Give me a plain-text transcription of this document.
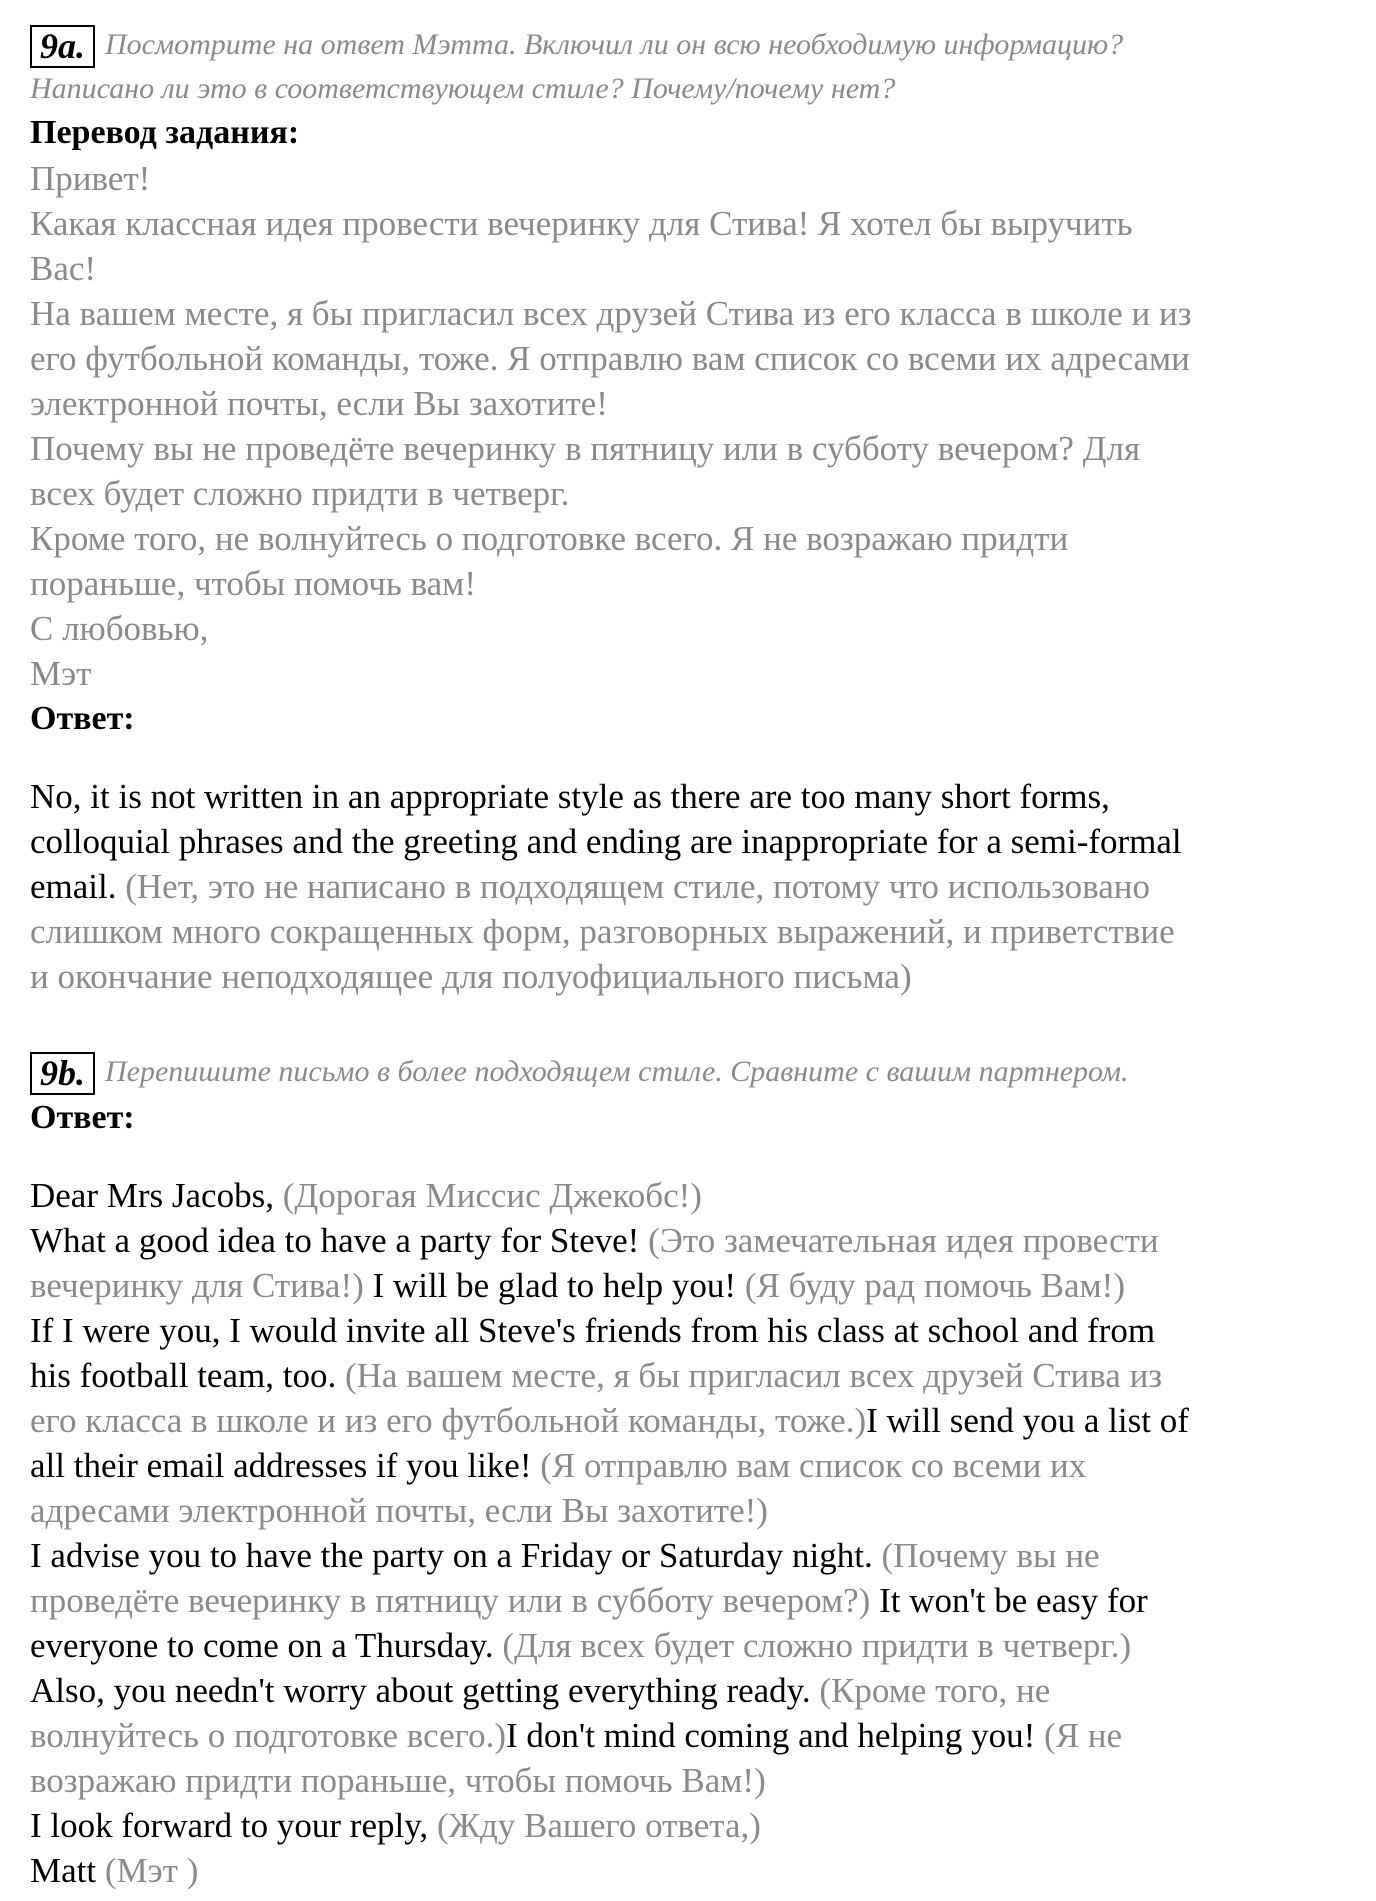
9a. Посмотрите на ответ Мэтта. Включил ли он всю необходимую информацию?
Написано ли это в соответствующем стиле? Почему/почему нет?
Перевод задания:
Привет!
Какая классная идея провести вечеринку для Стива! Я хотел бы выручить
Вас!
На вашем месте, я бы пригласил всех друзей Стива из его класса в школе и из
его футбольной команды, тоже. Я отправлю вам список со всеми их адресами
электронной почты, если Вы захотите!
Почему вы не проведёте вечеринку в пятницу или в субботу вечером? Для
всех будет сложно придти в четверг.
Кроме того, не волнуйтесь о подготовке всего. Я не возражаю придти
пораньше, чтобы помочь вам!
С любовью,
Мэт
Ответ:
No, it is not written in an appropriate style as there are too many short forms,
colloquial phrases and the greeting and ending are inappropriate for a semi-formal
email. (Нет, это не написано в подходящем стиле, потому что использовано
слишком много сокращенных форм, разговорных выражений, и приветствие
и окончание неподходящее для полуофициального письма)
9b. Перепишите письмо в более подходящем стиле. Сравните с вашим партнером.
Ответ:
Dear Mrs Jacobs, (Дорогая Миссис Джекобс!)
What a good idea to have a party for Steve! (Это замечательная идея провести
вечеринку для Стива!) I will be glad to help you! (Я буду рад помочь Вам!)
If I were you, I would invite all Steve's friends from his class at school and from
his football team, too. (На вашем месте, я бы пригласил всех друзей Стива из
его класса в школе и из его футбольной команды, тоже.)I will send you a list of
all their email addresses if you like! (Я отправлю вам список со всеми их
адресами электронной почты, если Вы захотите!)
I advise you to have the party on a Friday or Saturday night. (Почему вы не
проведёте вечеринку в пятницу или в субботу вечером?) It won't be easy for
everyone to come on a Thursday. (Для всех будет сложно придти в четверг.)
Also, you needn't worry about getting everything ready. (Кроме того, не
волнуйтесь о подготовке всего.)I don't mind coming and helping you! (Я не
возражаю придти пораньше, чтобы помочь Вам!)
I look forward to your reply, (Жду Вашего ответа,)
Matt (Мэт )
